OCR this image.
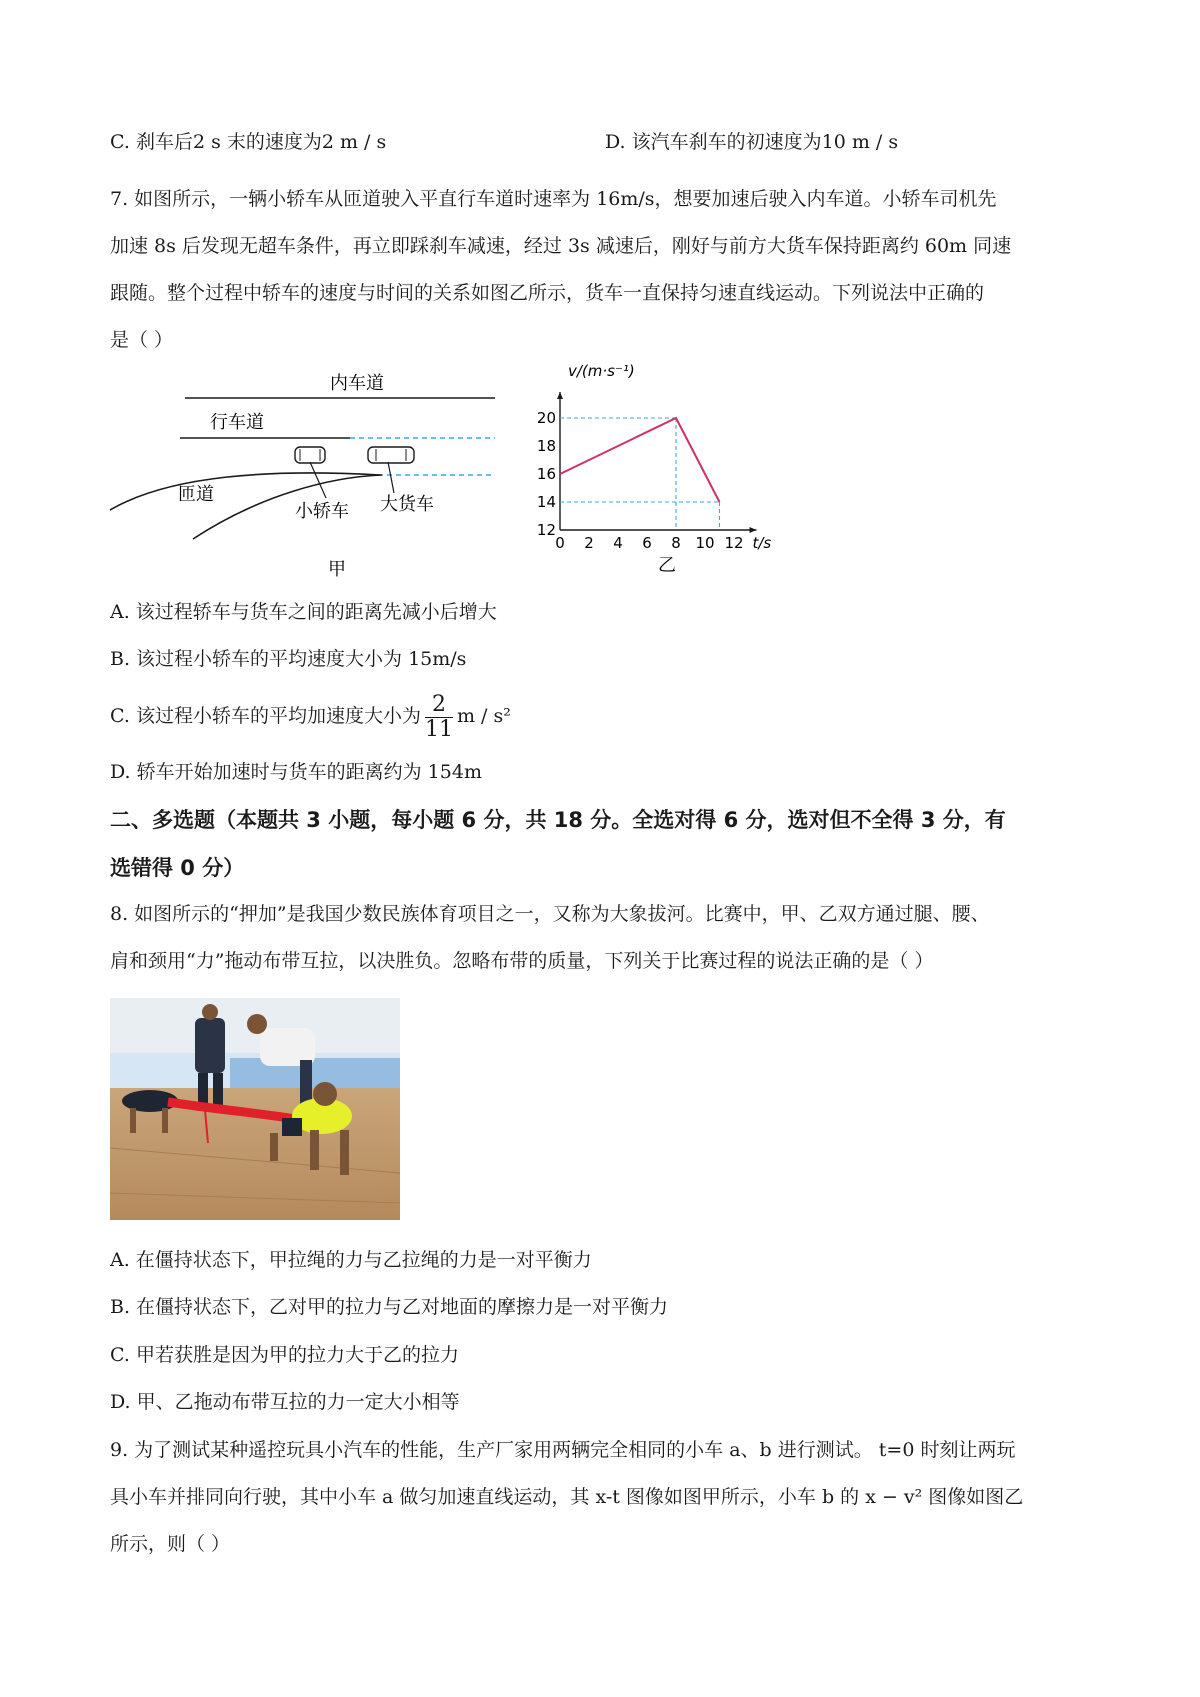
C. 刹车后2 s 末的速度为2 m / s	D. 该汽车刹车的初速度为10 m / s
7. 如图所示，一辆小轿车从匝道驶入平直行车道时速率为 16m/s，想要加速后驶入内车道。小轿车司机先
加速 8s 后发现无超车条件，再立即踩刹车减速，经过 3s 减速后，刚好与前方大货车保持距离约 60m 同速
跟随。整个过程中轿车的速度与时间的关系如图乙所示，货车一直保持匀速直线运动。下列说法中正确的
是（ ）
内车道
行车道
匝道
小轿车 大货车
甲
0 2 4 6 8 10 12
12
14
16
18
20
v/(m·s⁻¹)
t/s
乙
A. 该过程轿车与货车之间的距离先减小后增大
B. 该过程小轿车的平均速度大小为 15m/s
C. 该过程小轿车的平均加速度大小为 $\frac{2}{11}$ m / s²
D. 轿车开始加速时与货车的距离约为 154m
二、多选题（本题共 3 小题，每小题 6 分，共 18 分。全选对得 6 分，选对但不全得 3 分，有
选错得 0 分）
8. 如图所示的“押加”是我国少数民族体育项目之一，又称为大象拔河。比赛中，甲、乙双方通过腿、腰、
肩和颈用“力”拖动布带互拉，以决胜负。忽略布带的质量，下列关于比赛过程的说法正确的是（ ）
A. 在僵持状态下，甲拉绳的力与乙拉绳的力是一对平衡力
B. 在僵持状态下，乙对甲的拉力与乙对地面的摩擦力是一对平衡力
C. 甲若获胜是因为甲的拉力大于乙的拉力
D. 甲、乙拖动布带互拉的力一定大小相等
9. 为了测试某种遥控玩具小汽车的性能，生产厂家用两辆完全相同的小车 a、b 进行测试。 t=0 时刻让两玩
具小车并排同向行驶，其中小车 a 做匀加速直线运动，其 x-t 图像如图甲所示，小车 b 的 x − v² 图像如图乙
所示，则（ ）
